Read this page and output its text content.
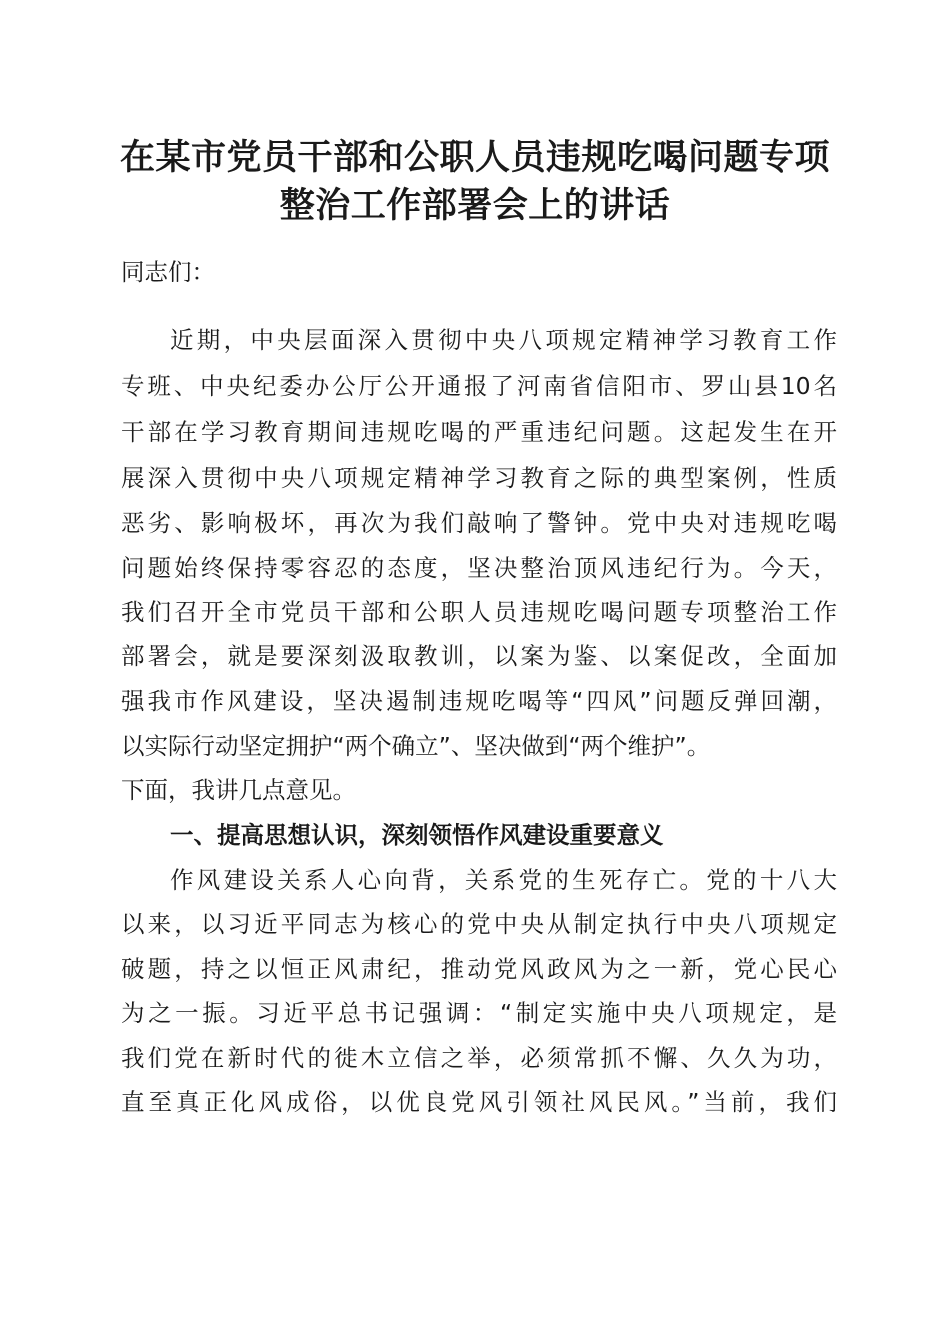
在某市党员干部和公职人员违规吃喝问题专项
整治工作部署会上的讲话

同志们：

近期，中央层面深入贯彻中央八项规定精神学习教育工作

专班、中央纪委办公厅公开通报了河南省信阳市、罗山县10名

干部在学习教育期间违规吃喝的严重违纪问题。这起发生在开

展深入贯彻中央八项规定精神学习教育之际的典型案例，性质

恶劣、影响极坏，再次为我们敲响了警钟。党中央对违规吃喝

问题始终保持零容忍的态度，坚决整治顶风违纪行为。今天，

我们召开全市党员干部和公职人员违规吃喝问题专项整治工作

部署会，就是要深刻汲取教训，以案为鉴、以案促改，全面加

强我市作风建设，坚决遏制违规吃喝等“四风”问题反弹回潮，

以实际行动坚定拥护“两个确立”、坚决做到“两个维护”。

下面，我讲几点意见。

一、提高思想认识，深刻领悟作风建设重要意义

作风建设关系人心向背，关系党的生死存亡。党的十八大

以来，以习近平同志为核心的党中央从制定执行中央八项规定

破题，持之以恒正风肃纪，推动党风政风为之一新，党心民心

为之一振。习近平总书记强调：“制定实施中央八项规定，是

我们党在新时代的徙木立信之举，必须常抓不懈、久久为功，

直至真正化风成俗，以优良党风引领社风民风。”当前，我们
